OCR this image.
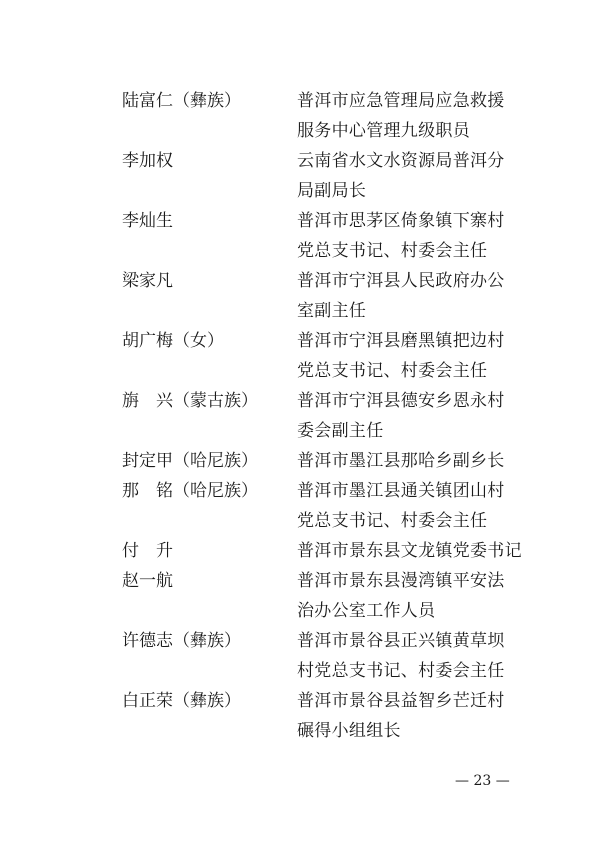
陆富仁（彝族）	普洱市应急管理局应急救援
服务中心管理九级职员
李加权	云南省水文水资源局普洱分
局副局长
李灿生	普洱市思茅区倚象镇下寨村
党总支书记、村委会主任
梁家凡	普洱市宁洱县人民政府办公
室副主任
胡广梅（女）	普洱市宁洱县磨黑镇把边村
党总支书记、村委会主任
旃　兴（蒙古族）	普洱市宁洱县德安乡恩永村
委会副主任
封定甲（哈尼族）	普洱市墨江县那哈乡副乡长
那　铭（哈尼族）	普洱市墨江县通关镇团山村
党总支书记、村委会主任
付　升	普洱市景东县文龙镇党委书记
赵一航	普洱市景东县漫湾镇平安法
治办公室工作人员
许德志（彝族）	普洱市景谷县正兴镇黄草坝
村党总支书记、村委会主任
白正荣（彝族）	普洱市景谷县益智乡芒迁村
碾得小组组长
— 23 —
